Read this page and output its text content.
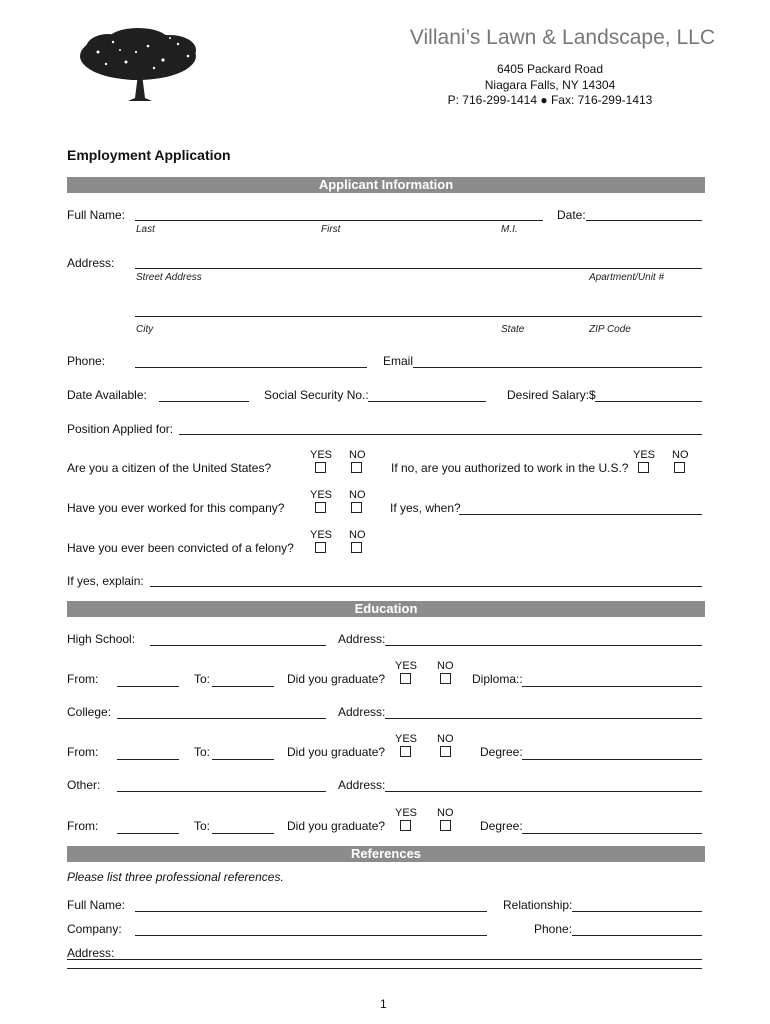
Villani’s Lawn & Landscape, LLC
6405 Packard Road
Niagara Falls, NY 14304
P: 716-299-1414 ● Fax: 716-299-1413
Employment Application
Applicant Information
Full Name:	Date:
Last	First	M.I.
Address:
Street Address	Apartment/Unit #
City	State	ZIP Code
Phone:	Email
Date Available:	Social Security No.:	Desired Salary:$
Position Applied for:
YES NO
Are you a citizen of the United States?
YES NO
If no, are you authorized to work in the U.S.?
YES NO
Have you ever worked for this company?	If yes, when?
YES NO
Have you ever been convicted of a felony?
If yes, explain:
Education
High School:	Address:
YES NO
From:	To:	Did you graduate?	Diploma::
College:	Address:
YES NO
From:	To:	Did you graduate?	Degree:
Other:	Address:
YES NO
From:	To:	Did you graduate?	Degree:
References
Please list three professional references.
Full Name:	Relationship:
Company:	Phone:
Address:
1
